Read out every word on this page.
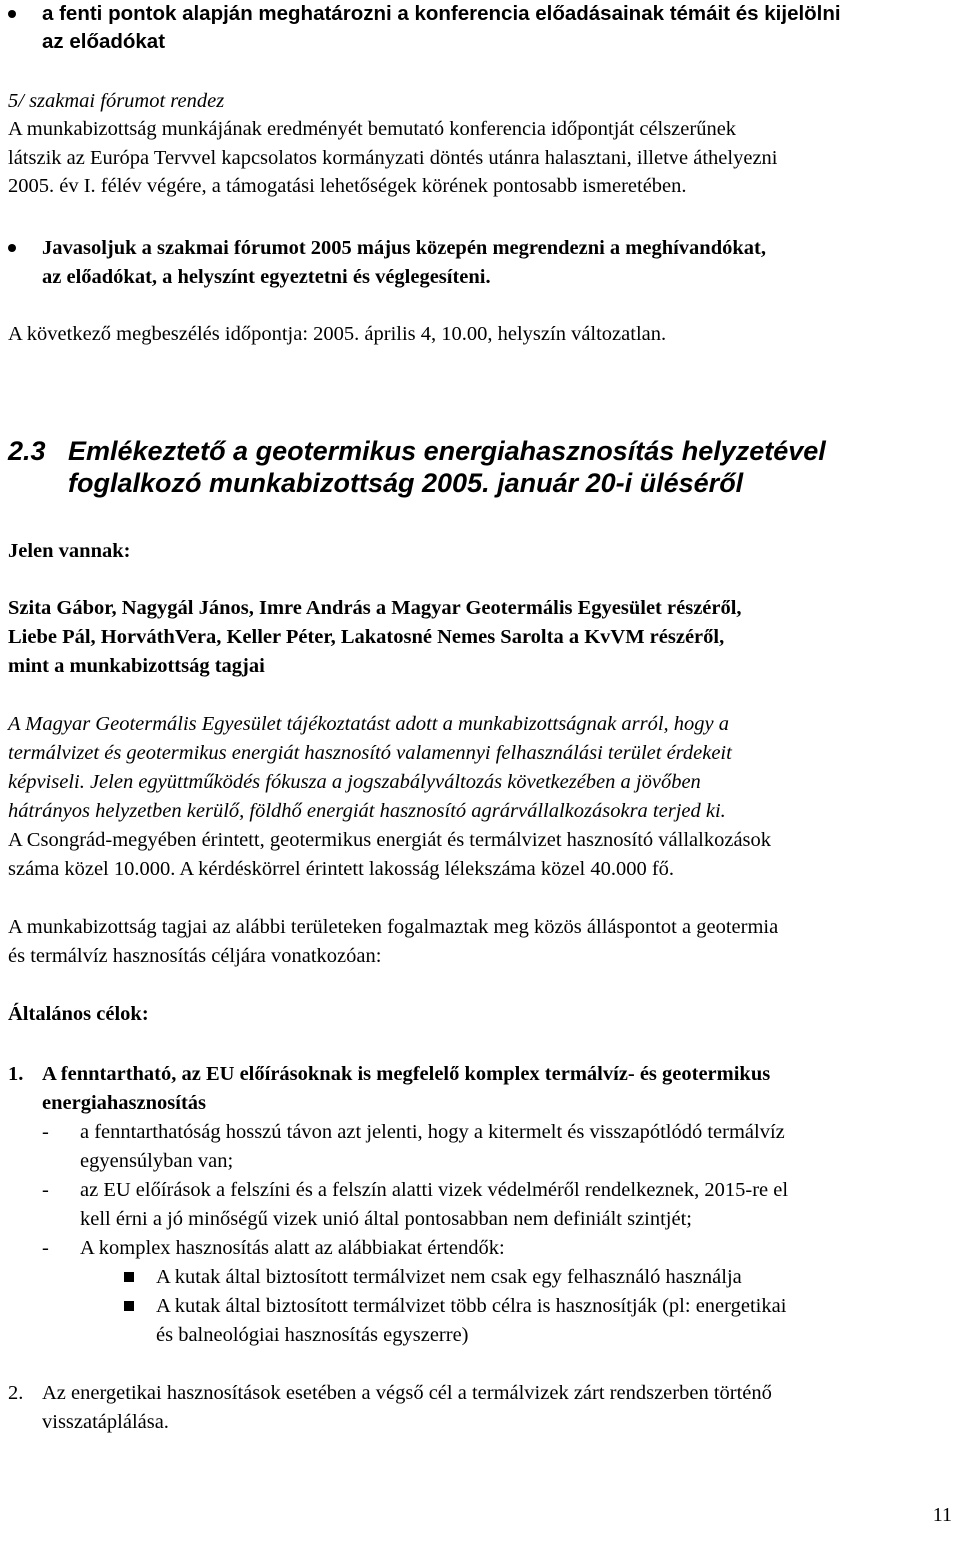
a fenti pontok alapján meghatározni a konferencia előadásainak témáit és kijelölni
az előadókat
5/ szakmai fórumot rendez
A munkabizottság munkájának eredményét bemutató konferencia időpontját célszerűnek
látszik az Európa Tervvel kapcsolatos kormányzati döntés utánra halasztani, illetve áthelyezni
2005. év I. félév végére, a támogatási lehetőségek körének pontosabb ismeretében.
Javasoljuk a szakmai fórumot 2005 május közepén megrendezni a meghívandókat,
az előadókat, a helyszínt egyeztetni és véglegesíteni.
A következő megbeszélés időpontja: 2005. április 4, 10.00, helyszín változatlan.
2.3 Emlékeztető a geotermikus energiahasznosítás helyzetével
foglalkozó munkabizottság 2005. január 20-i üléséről
Jelen vannak:
Szita Gábor, Nagygál János, Imre András a Magyar Geotermális Egyesület részéről,
Liebe Pál, HorváthVera, Keller Péter, Lakatosné Nemes Sarolta a KvVM részéről,
mint a munkabizottság tagjai
A Magyar Geotermális Egyesület tájékoztatást adott a munkabizottságnak arról, hogy a
termálvizet és geotermikus energiát hasznosító valamennyi felhasználási terület érdekeit
képviseli. Jelen együttműködés fókusza a jogszabályváltozás következében a jövőben
hátrányos helyzetben kerülő, földhő energiát hasznosító agrárvállalkozásokra terjed ki.
A Csongrád-megyében érintett, geotermikus energiát és termálvizet hasznosító vállalkozások
száma közel 10.000. A kérdéskörrel érintett lakosság lélekszáma közel 40.000 fő.
A munkabizottság tagjai az alábbi területeken fogalmaztak meg közös álláspontot a geotermia
és termálvíz hasznosítás céljára vonatkozóan:
Általános célok:
1. A fenntartható, az EU előírásoknak is megfelelő komplex termálvíz- és geotermikus
energiahasznosítás
- a fenntarthatóság hosszú távon azt jelenti, hogy a kitermelt és visszapótlódó termálvíz
egyensúlyban van;
- az EU előírások a felszíni és a felszín alatti vizek védelméről rendelkeznek, 2015-re el
kell érni a jó minőségű vizek unió által pontosabban nem definiált szintjét;
- A komplex hasznosítás alatt az alábbiakat értendők:
A kutak által biztosított termálvizet nem csak egy felhasználó használja
A kutak által biztosított termálvizet több célra is hasznosítják (pl: energetikai
és balneológiai hasznosítás egyszerre)
2. Az energetikai hasznosítások esetében a végső cél a termálvizek zárt rendszerben történő
visszatáplálása.
11
